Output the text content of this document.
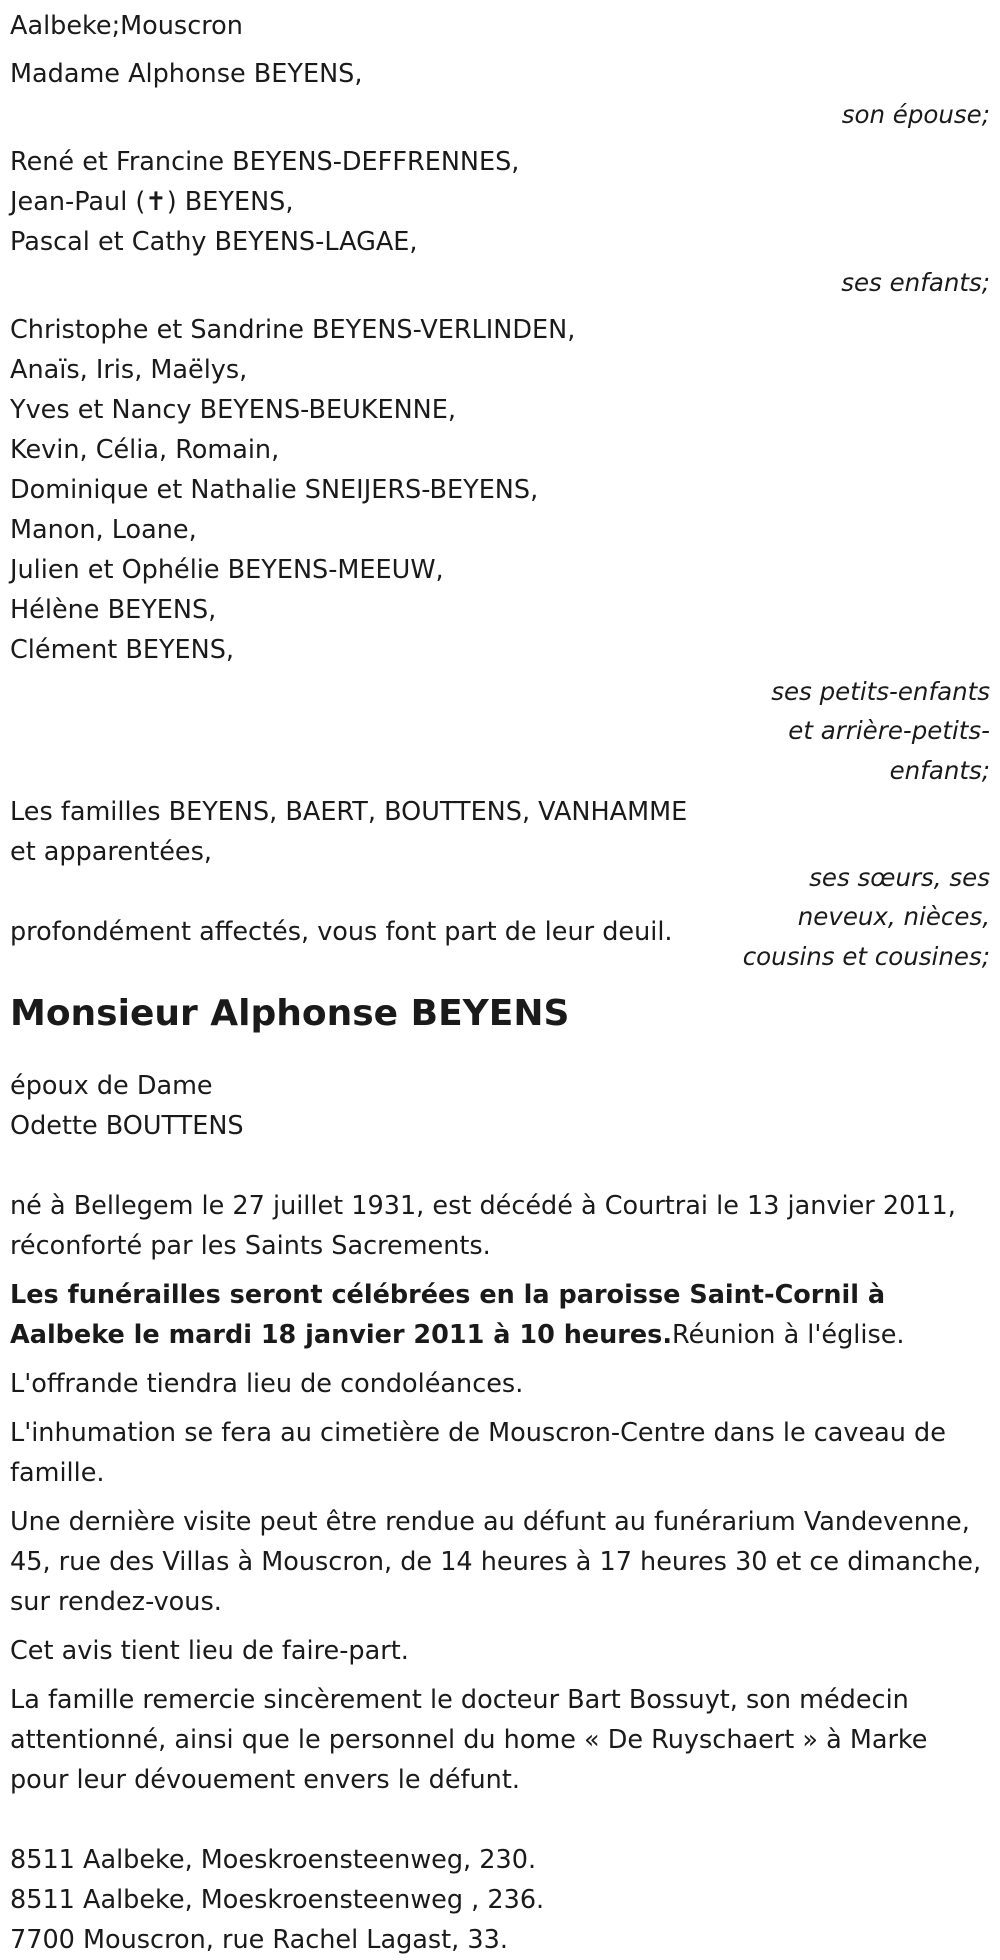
Aalbeke;Mouscron
Madame Alphonse BEYENS,
son épouse;
René et Francine BEYENS-DEFFRENNES,
Jean-Paul (✝) BEYENS,
Pascal et Cathy BEYENS-LAGAE,
ses enfants;
Christophe et Sandrine BEYENS-VERLINDEN,
Anaïs, Iris, Maëlys,
Yves et Nancy BEYENS-BEUKENNE,
Kevin, Célia, Romain,
Dominique et Nathalie SNEIJERS-BEYENS,
Manon, Loane,
Julien et Ophélie BEYENS-MEEUW,
Hélène BEYENS,
Clément BEYENS,
ses petits-enfants
et arrière-petits-
enfants;
Les familles BEYENS, BAERT, BOUTTENS, VANHAMME
et apparentées,
profondément affectés, vous font part de leur deuil.
ses sœurs, ses
neveux, nièces,
cousins et cousines;
Monsieur Alphonse BEYENS
époux de Dame
Odette BOUTTENS

né à Bellegem le 27 juillet 1931, est décédé à Courtrai le 13 janvier 2011, réconforté par les Saints Sacrements.

Les funérailles seront célébrées en la paroisse Saint-Cornil à Aalbeke le mardi 18 janvier 2011 à 10 heures.Réunion à l'église.

L'offrande tiendra lieu de condoléances.

L'inhumation se fera au cimetière de Mouscron-Centre dans le caveau de famille.

Une dernière visite peut être rendue au défunt au funérarium Vandevenne, 45, rue des Villas à Mouscron, de 14 heures à 17 heures 30 et ce dimanche, sur rendez-vous.

Cet avis tient lieu de faire-part.

La famille remercie sincèrement le docteur Bart Bossuyt, son médecin attentionné, ainsi que le personnel du home « De Ruyschaert » à Marke pour leur dévouement envers le défunt.

8511 Aalbeke, Moeskroensteenweg, 230.
8511 Aalbeke, Moeskroensteenweg , 236.
7700 Mouscron, rue Rachel Lagast, 33.
